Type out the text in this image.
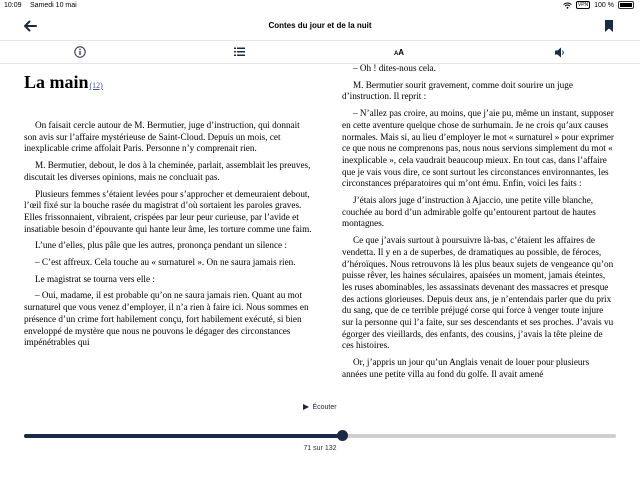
10:09 Samedi 10 mai	VPN 100 %
Contes du jour et de la nuit
AA
La main(12)

On faisait cercle autour de M. Bermutier, juge d’instruction, qui donnait son avis sur l’affaire mystérieuse de Saint-Cloud. Depuis un mois, cet inexplicable crime affolait Paris. Personne n’y comprenait rien.

M. Bermutier, debout, le dos à la cheminée, parlait, assemblait les preuves, discutait les diverses opinions, mais ne concluait pas.

Plusieurs femmes s’étaient levées pour s’approcher et demeuraient debout, l’œil fixé sur la bouche rasée du magistrat d’où sortaient les paroles graves. Elles frissonnaient, vibraient, crispées par leur peur curieuse, par l’avide et insatiable besoin d’épouvante qui hante leur âme, les torture comme une faim.

L’une d’elles, plus pâle que les autres, prononça pendant un silence :

– C’est affreux. Cela touche au « surnaturel ». On ne saura jamais rien.

Le magistrat se tourna vers elle :

– Oui, madame, il est probable qu’on ne saura jamais rien. Quant au mot surnaturel que vous venez d’employer, il n’a rien à faire ici. Nous sommes en présence d’un crime fort habilement conçu, fort habilement exécuté, si bien enveloppé de mystère que nous ne pouvons le dégager des circonstances impénétrables qui

– Oh ! dites-nous cela.

M. Bermutier sourit gravement, comme doit sourire un juge d’instruction. Il reprit :

– N’allez pas croire, au moins, que j’aie pu, même un instant, supposer en cette aventure quelque chose de surhumain. Je ne crois qu’aux causes normales. Mais si, au lieu d’employer le mot « surnaturel » pour exprimer ce que nous ne comprenons pas, nous nous servions simplement du mot « inexplicable », cela vaudrait beaucoup mieux. En tout cas, dans l’affaire que je vais vous dire, ce sont surtout les circonstances environnantes, les circonstances préparatoires qui m’ont ému. Enfin, voici les faits :

J’étais alors juge d’instruction à Ajaccio, une petite ville blanche, couchée au bord d’un admirable golfe qu’entourent partout de hautes montagnes.

Ce que j’avais surtout à poursuivre là-bas, c’étaient les affaires de vendetta. Il y en a de superbes, de dramatiques au possible, de féroces, d’héroïques. Nous retrouvons là les plus beaux sujets de vengeance qu’on puisse rêver, les haines séculaires, apaisées un moment, jamais éteintes, les ruses abominables, les assassinats devenant des massacres et presque des actions glorieuses. Depuis deux ans, je n’entendais parler que du prix du sang, que de ce terrible préjugé corse qui force à venger toute injure sur la personne qui l’a faite, sur ses descendants et ses proches. J’avais vu égorger des vieillards, des enfants, des cousins, j’avais la tête pleine de ces histoires.

Or, j’appris un jour qu’un Anglais venait de louer pour plusieurs années une petite villa au fond du golfe. Il avait amené

Écouter
71 sur 132
